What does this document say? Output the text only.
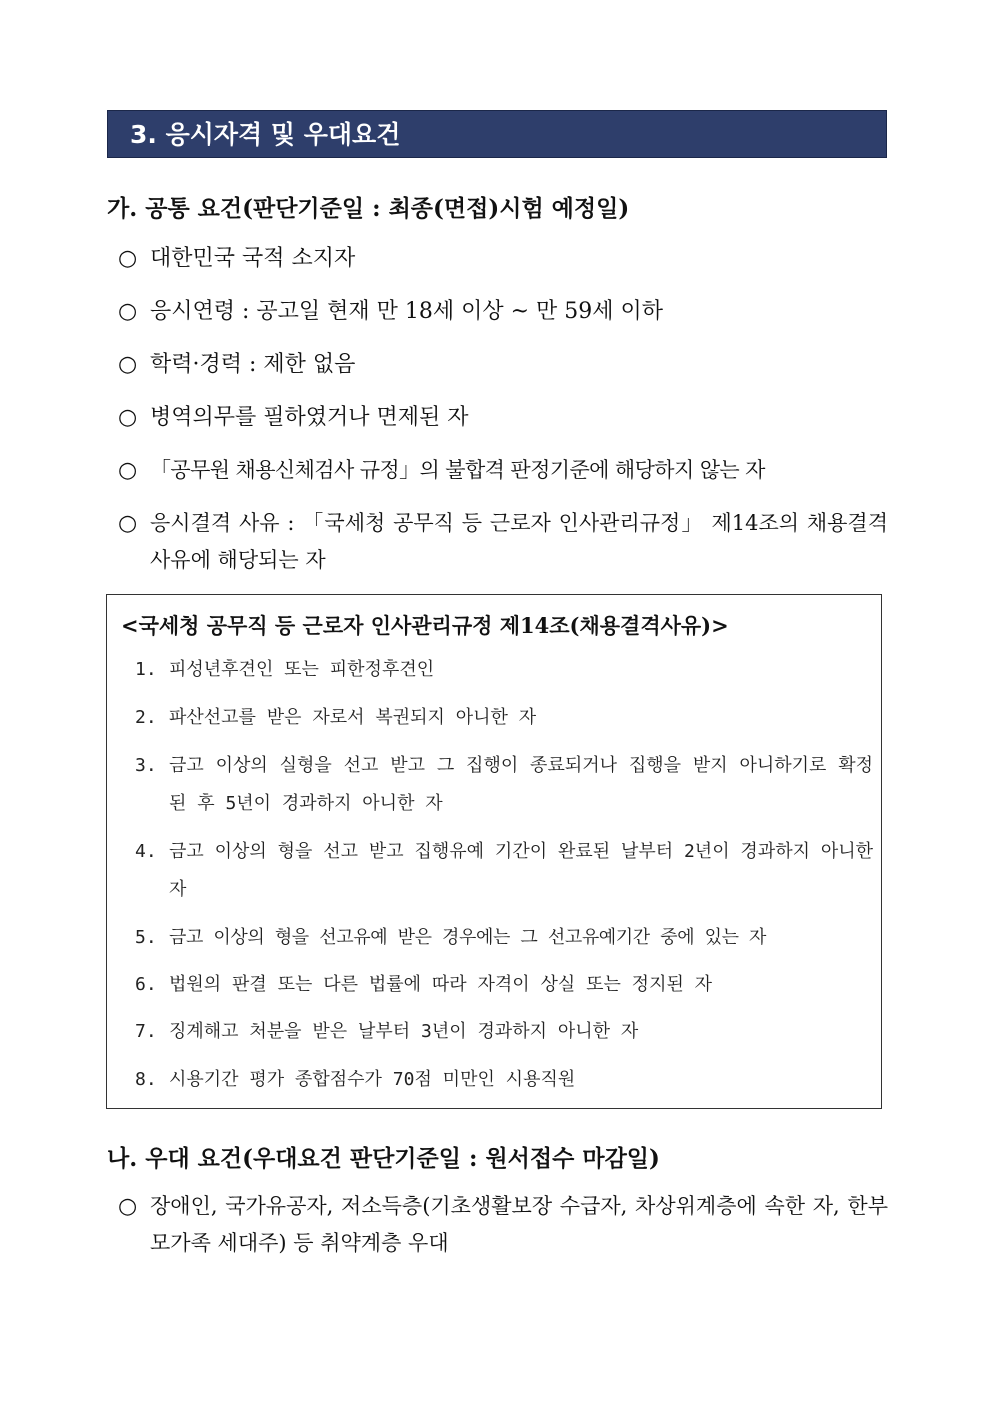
3. 응시자격 및 우대요건
가. 공통 요건(판단기준일 : 최종(면접)시험 예정일)
○ 대한민국 국적 소지자
○ 응시연령 : 공고일 현재 만 18세 이상 ~ 만 59세 이하
○ 학력·경력 : 제한 없음
○ 병역의무를 필하였거나 면제된 자
○ 「공무원 채용신체검사 규정」의 불합격 판정기준에 해당하지 않는 자
○ 응시결격 사유 : 「국세청 공무직 등 근로자 인사관리규정」 제14조의 채용결격사유에 해당되는 자
<국세청 공무직 등 근로자 인사관리규정 제14조(채용결격사유)>
1. 피성년후견인 또는 피한정후견인
2. 파산선고를 받은 자로서 복권되지 아니한 자
3. 금고 이상의 실형을 선고 받고 그 집행이 종료되거나 집행을 받지 아니하기로 확정된 후 5년이 경과하지 아니한 자
4. 금고 이상의 형을 선고 받고 집행유예 기간이 완료된 날부터 2년이 경과하지 아니한 자
5. 금고 이상의 형을 선고유예 받은 경우에는 그 선고유예기간 중에 있는 자
6. 법원의 판결 또는 다른 법률에 따라 자격이 상실 또는 정지된 자
7. 징계해고 처분을 받은 날부터 3년이 경과하지 아니한 자
8. 시용기간 평가 종합점수가 70점 미만인 시용직원
나. 우대 요건(우대요건 판단기준일 : 원서접수 마감일)
○ 장애인, 국가유공자, 저소득층(기초생활보장 수급자, 차상위계층에 속한 자, 한부모가족 세대주) 등 취약계층 우대
